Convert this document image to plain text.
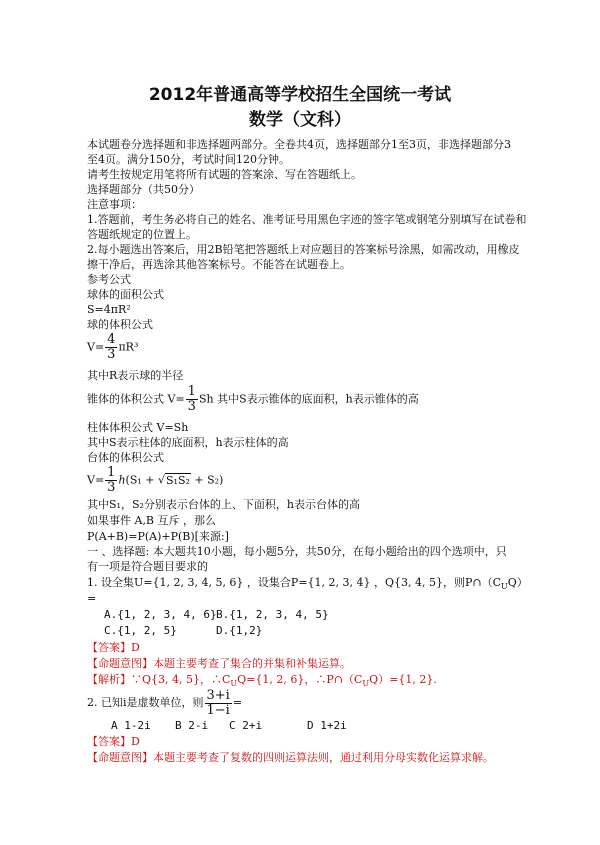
2012年普通高等学校招生全国统一考试
数学（文科）
本试题卷分选择题和非选择题两部分。全卷共4页，选择题部分1至3页，非选择题部分3
至4页。满分150分，考试时间120分钟。
请考生按规定用笔将所有试题的答案涂、写在答题纸上。
选择题部分（共50分）
注意事项：
1.答题前，考生务必将自己的姓名、准考证号用黑色字迹的签字笔或钢笔分别填写在试卷和
答题纸规定的位置上。
2.每小题选出答案后，用2B铅笔把答题纸上对应题目的答案标号涂黑，如需改动，用橡皮
擦干净后，再选涂其他答案标号。不能答在试题卷上。
参考公式
球体的面积公式
S=4πR²
球的体积公式
$V= \frac{4}{3} \pi R^3$
其中R表示球的半径
锥体的体积公式 $V= \frac{1}{3}$ Sh 其中S表示锥体的底面积，h表示锥体的高
柱体体积公式 V=Sh
其中S表示柱体的底面积，h表示柱体的高
台体的体积公式
$V= \frac{1}{3} h(S_1 + √S_1S_2 + S_2)$
其中S₁，S₂分别表示台体的上、下面积，h表示台体的高
如果事件 A,B 互斥 ，那么
P(A+B)=P(A)+P(B)[来源:]
一 、选择题: 本大题共10小题，每小题5分，共50分，在每小题给出的四个选项中，只
有一项是符合题目要求的
1. 设全集U={1, 2, 3, 4, 5, 6} ，设集合P={1, 2, 3, 4} ，Q{3, 4, 5}，则$P\cap(C_UQ)$
=
A.{1, 2, 3, 4, 6} B.{1, 2, 3, 4, 5}
C.{1, 2, 5}	D.{1,2}
【答案】D
【命题意图】本题主要考查了集合的并集和补集运算。
【解析】∵Q{3, 4, 5}，$\therefore C_UQ=\{1$, 2, 6}，$\therefore P\cap(C_UQ)=\{1$, 2}.
2. 已知i是虚数单位，则 $\frac{3+i}{1-i}$ =
A 1-2i B 2-i C 2+i	D 1+2i
【答案】D
【命题意图】本题主要考查了复数的四则运算法则，通过利用分母实数化运算求解。
